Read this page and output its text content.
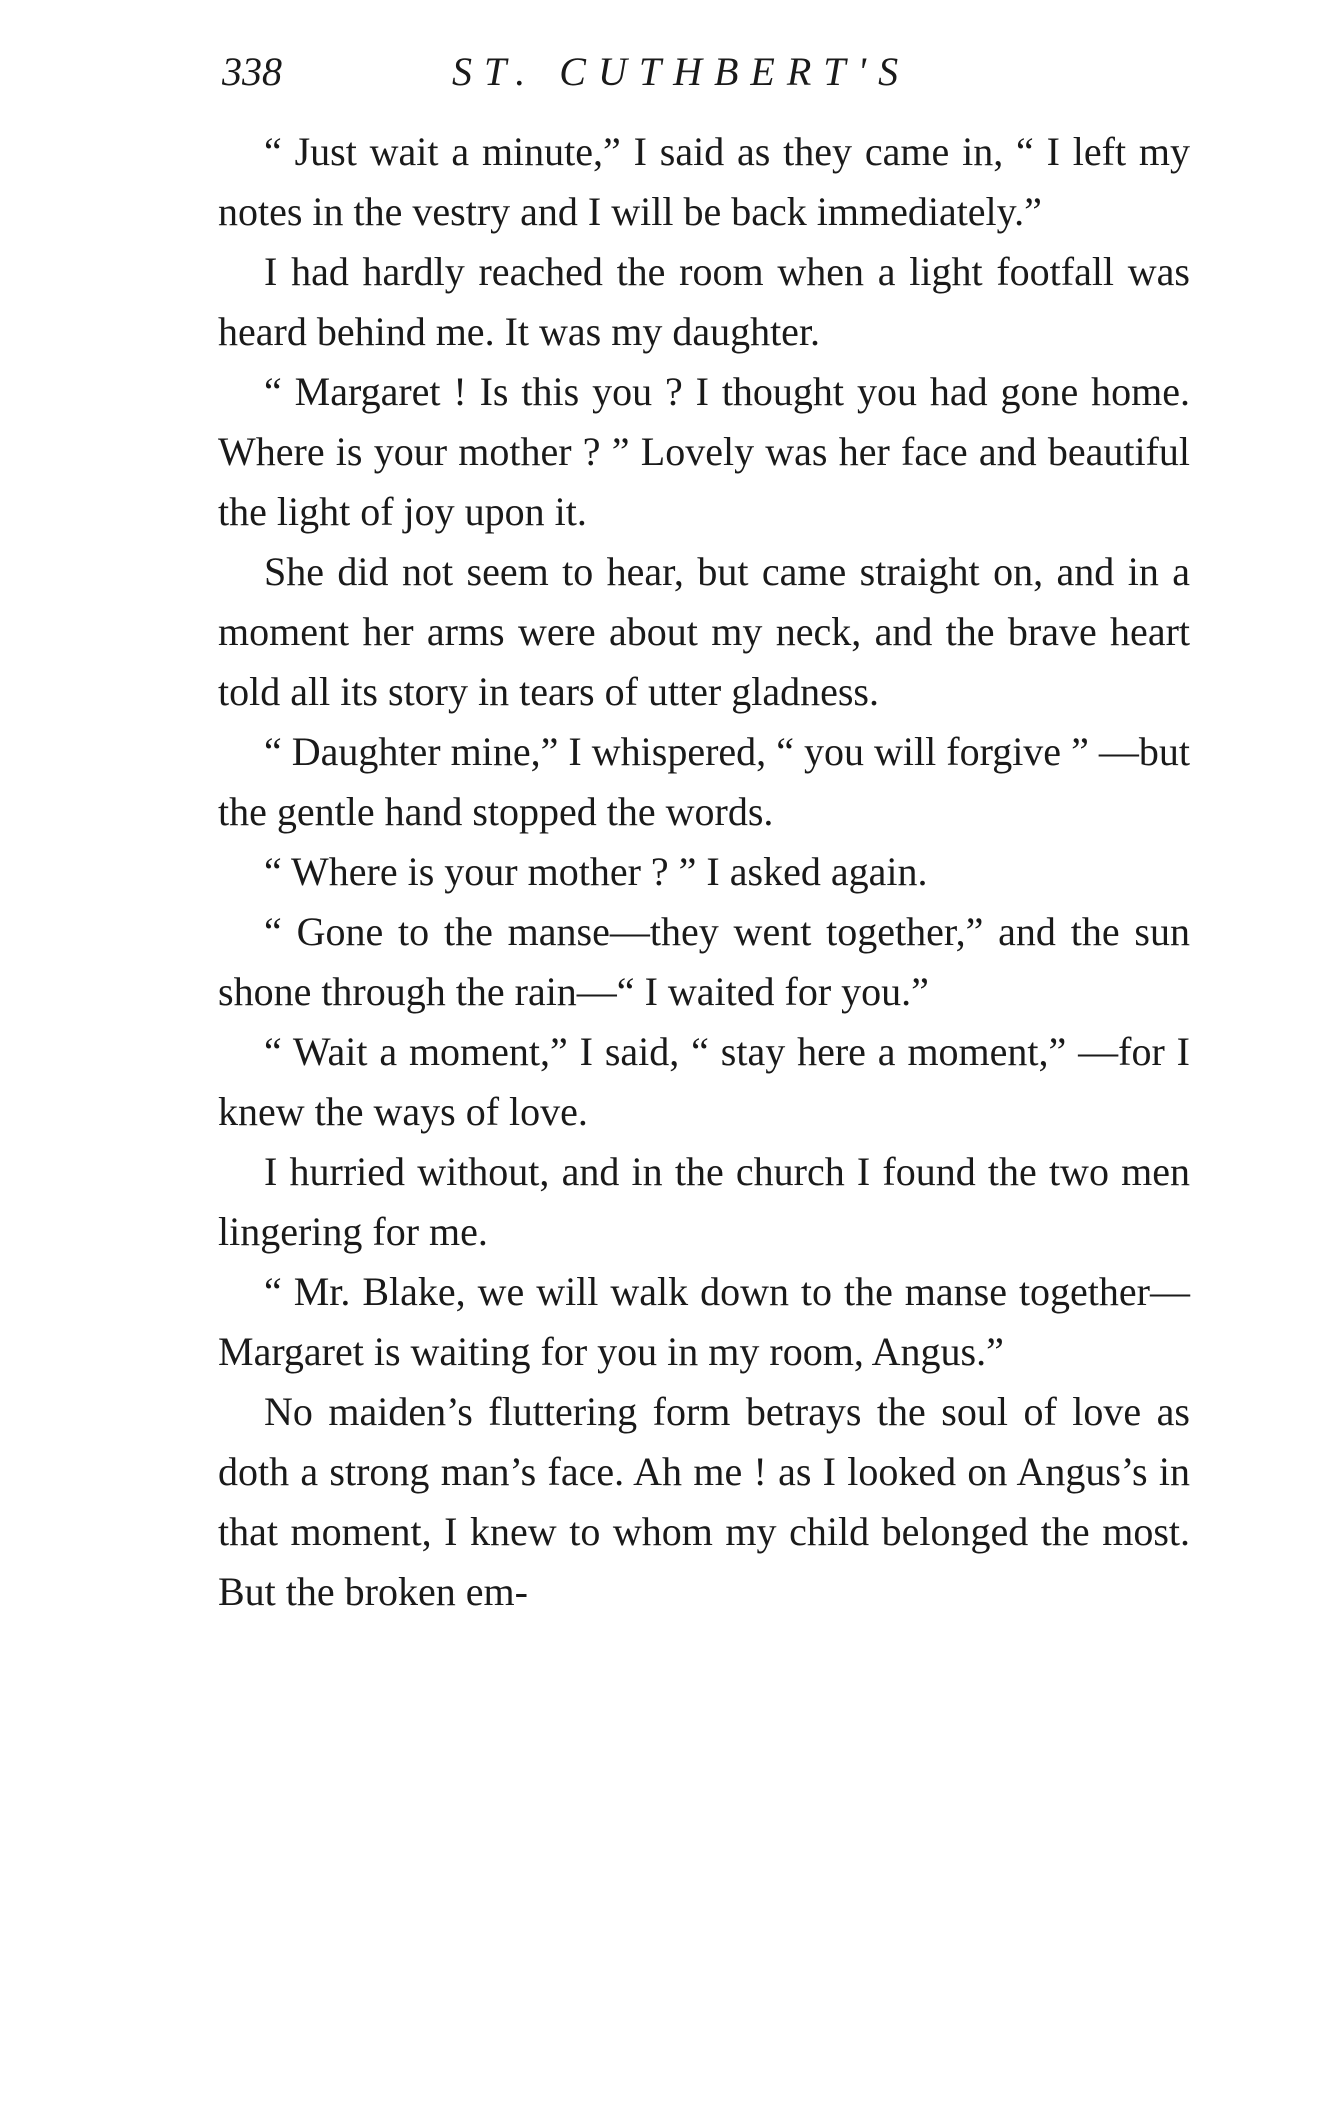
338	ST. CUTHBERT'S

“ Just wait a minute,” I said as they came in, “ I left my notes in the vestry and I will be back immediately.”

I had hardly reached the room when a light footfall was heard behind me. It was my daughter.

“ Margaret ! Is this you ? I thought you had gone home. Where is your mother ? ” Lovely was her face and beautiful the light of joy upon it.

She did not seem to hear, but came straight on, and in a moment her arms were about my neck, and the brave heart told all its story in tears of utter gladness.

“ Daughter mine,” I whispered, “ you will forgive ” —but the gentle hand stopped the words.

“ Where is your mother ? ” I asked again.

“ Gone to the manse—they went together,” and the sun shone through the rain—“ I waited for you.”

“ Wait a moment,” I said, “ stay here a moment,” —for I knew the ways of love.

I hurried without, and in the church I found the two men lingering for me.

“ Mr. Blake, we will walk down to the manse together—Margaret is waiting for you in my room, Angus.”

No maiden’s fluttering form betrays the soul of love as doth a strong man’s face. Ah me ! as I looked on Angus’s in that moment, I knew to whom my child belonged the most. But the broken em-
